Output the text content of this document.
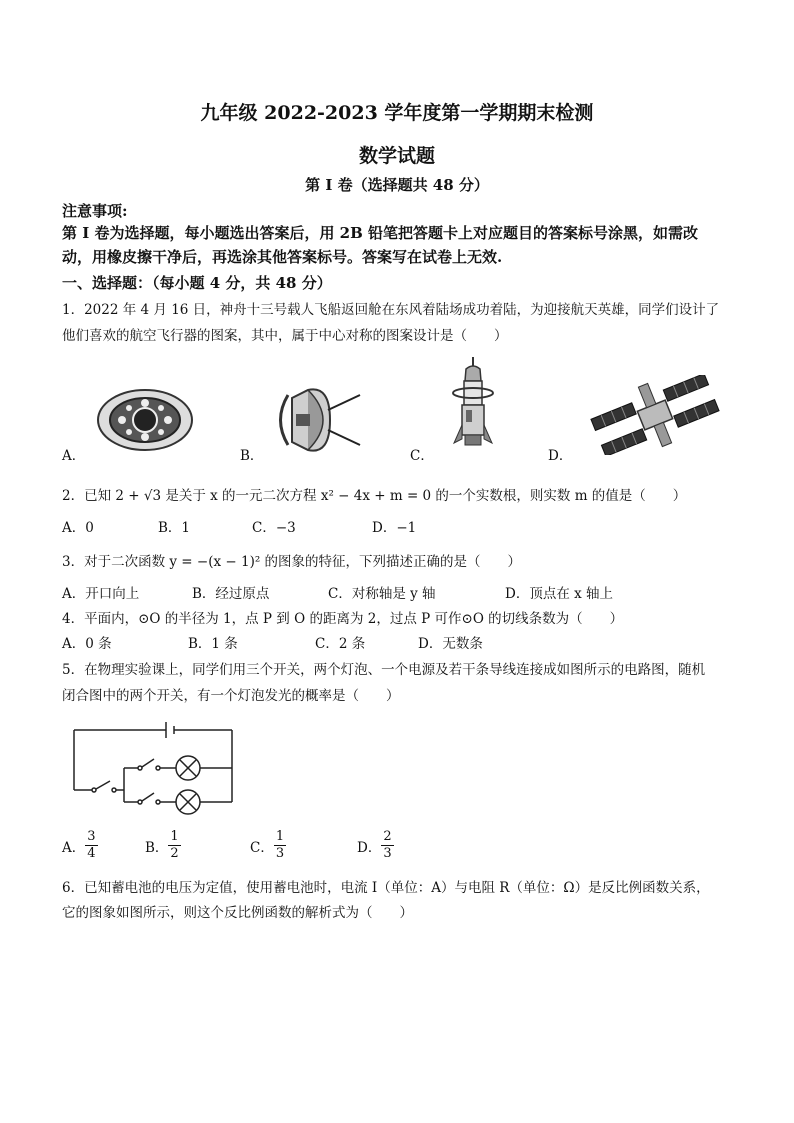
九年级 2022-2023 学年度第一学期期末检测
数学试题
第 I 卷（选择题共 48 分）
注意事项:
第 I 卷为选择题，每小题选出答案后，用 2B 铅笔把答题卡上对应题目的答案标号涂黑，如需改
动，用橡皮擦干净后，再选涂其他答案标号。答案写在试卷上无效.
一、选择题：（每小题 4 分，共 48 分）
1．2022 年 4 月 16 日，神舟十三号载人飞船返回舱在东风着陆场成功着陆，为迎接航天英雄，同学们设计了
他们喜欢的航空飞行器的图案，其中，属于中心对称的图案设计是（　　）
A．	B．	C．	D．
2．已知 2 + √3 是关于 x 的一元二次方程 x² − 4x + m = 0 的一个实数根，则实数 m 的值是（　　）
A．0	B．1	C．−3	D．−1
3．对于二次函数 y = −(x − 1)² 的图象的特征，下列描述正确的是（　　）
A．开口向上	B．经过原点	C．对称轴是 y 轴	D．顶点在 x 轴上
4．平面内，⊙O 的半径为 1，点 P 到 O 的距离为 2，过点 P 可作⊙O 的切线条数为（　　）
A．0 条	B．1 条	C．2 条	D．无数条
5．在物理实验课上，同学们用三个开关，两个灯泡、一个电源及若干条导线连接成如图所示的电路图，随机
闭合图中的两个开关，有一个灯泡发光的概率是（　　）
A． $\frac{3}{4}$	B． $\frac{1}{2}$	C． $\frac{1}{3}$	D． $\frac{2}{3}$
6．已知蓄电池的电压为定值，使用蓄电池时，电流 I（单位：A）与电阻 R（单位：Ω）是反比例函数关系，
它的图象如图所示，则这个反比例函数的解析式为（　　）
